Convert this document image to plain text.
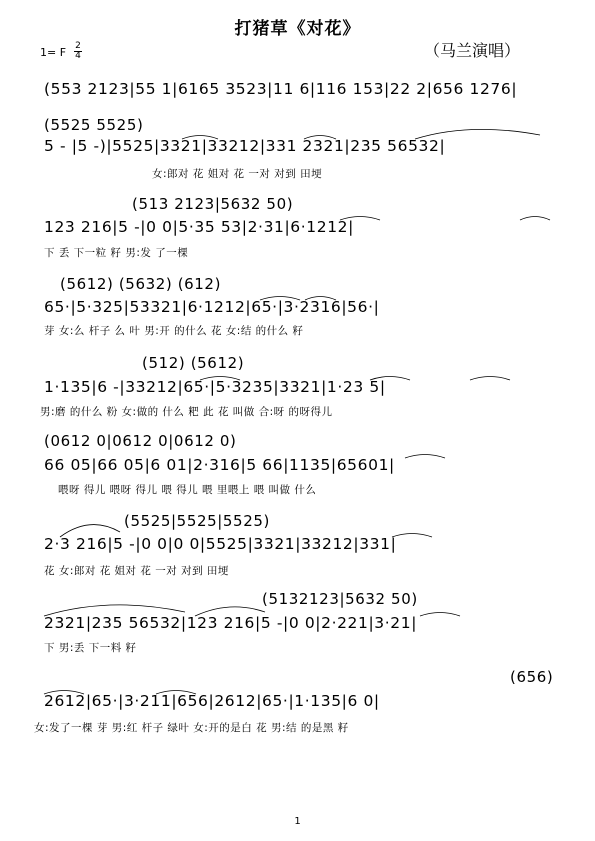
打猪草《对花》
（马兰演唱）
1= F 2
4
(553 2123|55 1|6165 3523|11 6|116 153|22 2|656 1276|
(5525 5525)
5 - |5 -)|5525|3321|33212|331 2321|235 56532|
女:郎对 花 姐对 花 一对 对到 田埂
(513 2123|5632 50)
123 216|5 -|0 0|5·35 53|2·31|6·1212|
下 丢 下一粒 籽 男:发 了一棵
(5612) (5632) (612)
65·|5·325|53321|6·1212|65·|3·2316|56·|
芽 女:么 杆子 么 叶 男:开 的什么 花 女:结 的什么 籽
(512) (5612)
1·135|6 -|33212|65·|5·3235|3321|1·23 5|
男:磨 的什么 粉 女:做的 什么 粑 此 花 叫做 合:呀 的呀得儿
(0612 0|0612 0|0612 0)
66 05|66 05|6 01|2·316|5 66|1135|65601|
喂呀 得儿 喂呀 得儿 喂 得儿 喂 里喂上 喂 叫做 什么
(5525|5525|5525)
2·3 216|5 -|0 0|0 0|5525|3321|33212|331|
花 女:郎对 花 姐对 花 一对 对到 田埂
(5132123|5632 50)
2321|235 56532|123 216|5 -|0 0|2·221|3·21|
下 男:丢 下一料 籽
(656)
2612|65·|3·211|656|2612|65·|1·135|6 0|
女:发了一棵 芽 男:红 杆子 绿叶 女:开的是白 花 男:结 的是黑 籽
1
